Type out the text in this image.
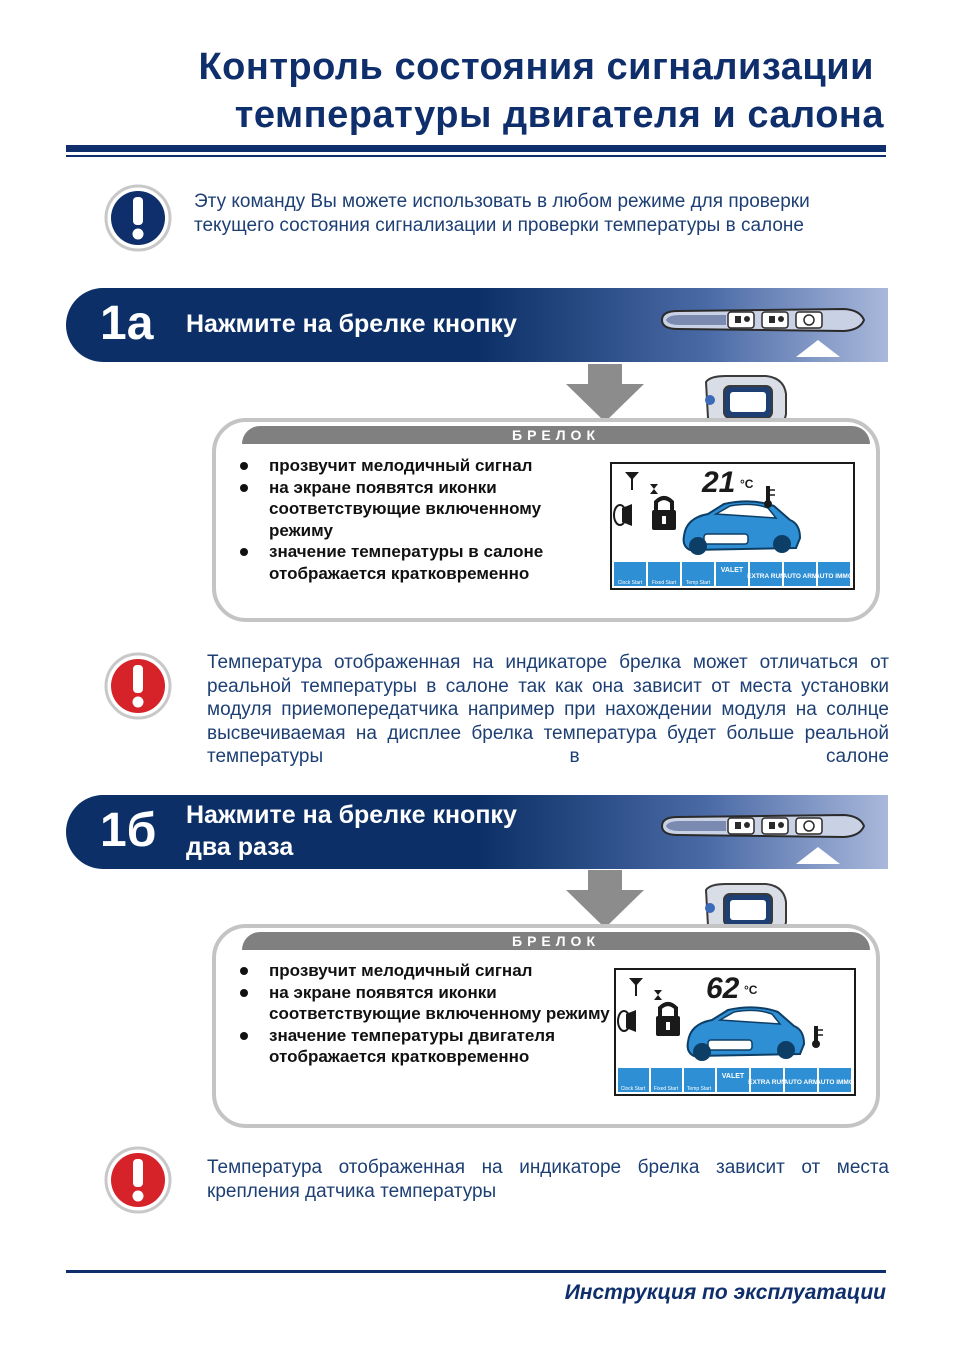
Контроль состояния сигнализации
температуры двигателя и салона
Эту команду Вы можете использовать в любом режиме для проверки текущего состояния сигнализации и проверки температуры в салоне
1а Нажмите на брелке кнопку
БРЕЛОК
прозвучит мелодичный сигнал
на экране появятся иконки соответствующие включенному режиму
значение температуры в салоне отображается кратковременно
21 °C
Clock Start Fixed Start Temp Start
VALET
EXTRA RUN
AUTO ARM
AUTO IMMO
Температура отображенная на индикаторе брелка может отличаться от реальной температуры в салоне так как она зависит от места установки модуля приемопередатчика например при нахождении модуля на солнце высвечиваемая на дисплее брелка температура будет больше реальной температуры в салоне
1б Нажмите на брелке кнопку
два раза
БРЕЛОК
прозвучит мелодичный сигнал
на экране появятся иконки соответствующие включенному режиму
значение температуры двигателя отображается кратковременно
62 °C
Clock Start Fixed Start Temp Start
VALET
EXTRA RUN
AUTO ARM
AUTO IMMO
Температура отображенная на индикаторе брелка зависит от места крепления датчика температуры
Инструкция по эксплуатации
